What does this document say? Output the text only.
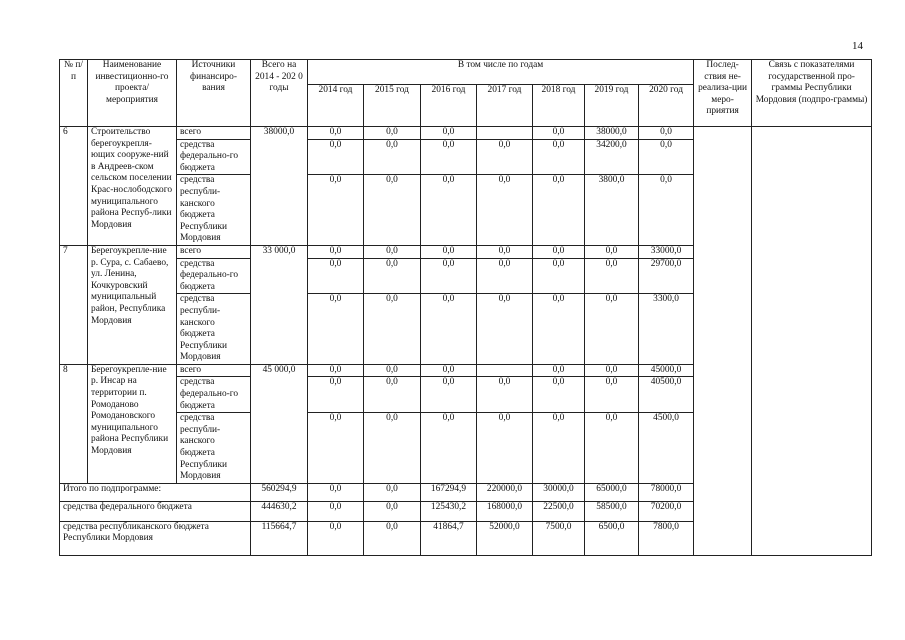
14
№ п/п	Наименование инвестиционно-го проекта/ мероприятия	Источники финансиро-вания	Всего на 2014 - 202 0 годы	В том числе по годам							Послед-ствия не-реализа-ции меро-приятия	Связь с показателями государственной про-граммы Республики Мордовия (подпро-граммы)	
				2014 год	2015 год	2016 год	2017 год	2018 год	2019 год	2020 год			
6	Строительство берегоукрепля-ющих сооруже-ний в Андреев-ском сельском поселении Крас-нослободского муниципального района Респуб-лики Мордовия	всего	38000,0	0,0	0,0	0,0		0,0	38000,0	0,0			
		средства федерально-го бюджета		0,0	0,0	0,0	0,0	0,0	34200,0	0,0			
		средства республи-канского бюджета Республики Мордовия		0,0	0,0	0,0	0,0	0,0	3800,0	0,0			
7	Берегоукрепле-ние р. Сура, с. Сабаево, ул. Ленина, Кочкуровский муниципальный район, Республика Мордовия	всего	33 000,0	0,0	0,0	0,0	0,0	0,0	0,0	33000,0			
		средства федерально-го бюджета		0,0	0,0	0,0	0,0	0,0	0,0	29700,0			
		средства республи-канского бюджета Республики Мордовия		0,0	0,0	0,0	0,0	0,0	0,0	3300,0			
8	Берегоукрепле-ние р. Инсар на территории п. Ромоданово Ромодановского муниципального района Республики Мордовия	всего	45 000,0	0,0	0,0	0,0		0,0	0,0	45000,0			
		средства федерально-го бюджета		0,0	0,0	0,0	0,0	0,0	0,0	40500,0			
		средства республи-канского бюджета Республики Мордовия		0,0	0,0	0,0	0,0	0,0	0,0	4500,0			
Итого по подпрограмме:			560294,9	0,0	0,0	167294,9	220000,0	30000,0	65000,0	78000,0			
средства федерального бюджета			444630,2	0,0	0,0	125430,2	168000,0	22500,0	58500,0	70200,0			
средства республиканского бюджета Республики Мордовия			115664,7	0,0	0,0	41864,7	52000,0	7500,0	6500,0	7800,0			
